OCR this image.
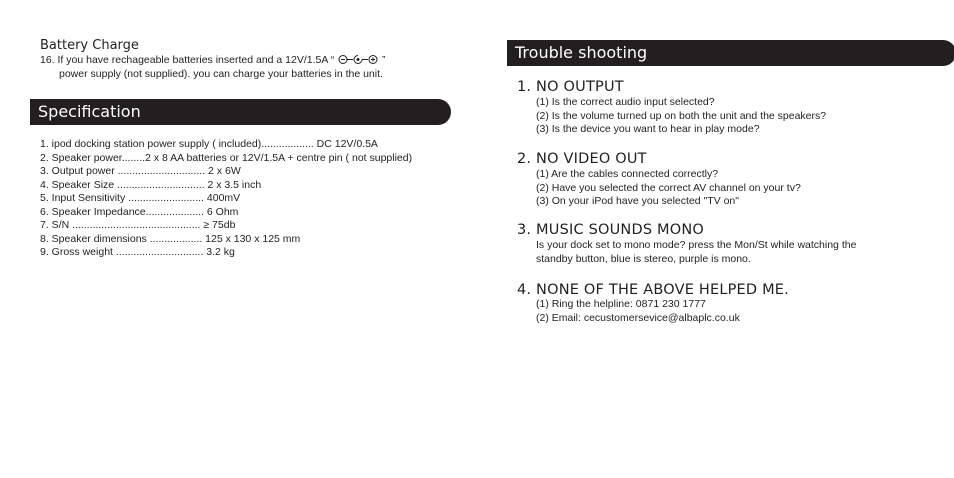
Battery Charge
16. If you have rechageable batteries inserted and a 12V/1.5A “	”
power supply (not supplied). you can charge your batteries in the unit.
Specification
1. ipod docking station power supply ( included).................. DC 12V/0.5A
2. Speaker power........2 x 8 AA batteries or 12V/1.5A + centre pin ( not supplied)
3. Output power .............................. 2 x 6W
4. Speaker Size .............................. 2 x 3.5 inch
5. Input Sensitivity .......................... 400mV
6. Speaker Impedance.................... 6 Ohm
7. S/N ............................................ ≥ 75db
8. Speaker dimensions .................. 125 x 130 x 125 mm
9. Gross weight .............................. 3.2 kg
Trouble shooting
1. NO OUTPUT
(1) Is the correct audio input selected?
(2) Is the volume turned up on both the unit and the speakers?
(3) Is the device you want to hear in play mode?
2. NO VIDEO OUT
(1) Are the cables connected correctly?
(2) Have you selected the correct AV channel on your tv?
(3) On your iPod have you selected "TV on"
3. MUSIC SOUNDS MONO
Is your dock set to mono mode? press the Mon/St while watching the
standby button, blue is stereo, purple is mono.
4. NONE OF THE ABOVE HELPED ME.
(1) Ring the helpline: 0871 230 1777
(2) Email: cecustomersevice@albaplc.co.uk
